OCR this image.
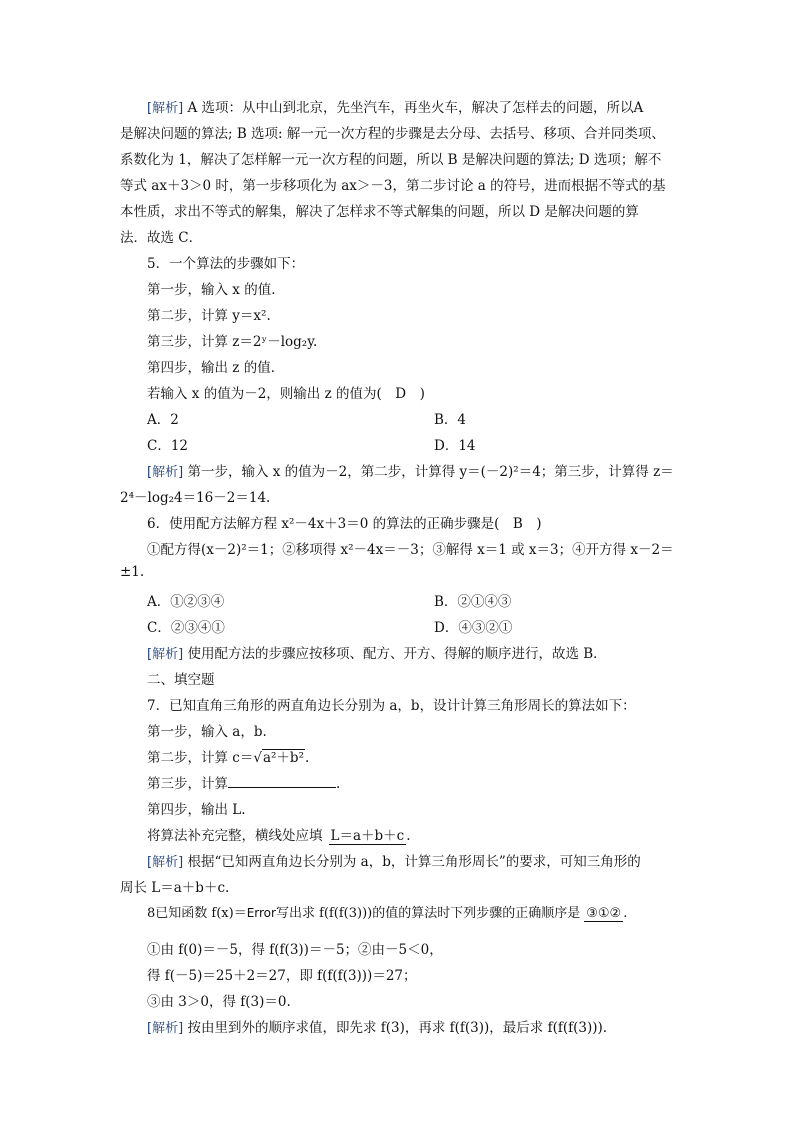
[解析] A 选项：从中山到北京，先坐汽车，再坐火车，解决了怎样去的问题，所以A
是解决问题的算法; B 选项: 解一元一次方程的步骤是去分母、去括号、移项、合并同类项、
系数化为 1，解决了怎样解一元一次方程的问题，所以 B 是解决问题的算法; D 选项；解不
等式 ax＋3＞0 时，第一步移项化为 ax＞－3，第二步讨论 a 的符号，进而根据不等式的基
本性质，求出不等式的解集，解决了怎样求不等式解集的问题，所以 D 是解决问题的算
法．故选 C．
5．一个算法的步骤如下：
第一步，输入 x 的值．
第二步，计算 y＝x².
第三步，计算 z＝2ʸ－log₂y.
第四步，输出 z 的值．
若输入 x 的值为－2，则输出 z 的值为(　D　)
A．2	B．4
C．12	D．14
[解析] 第一步，输入 x 的值为－2，第二步，计算得 y＝(－2)²＝4；第三步，计算得 z＝
2⁴－log₂4＝16－2＝14.
6．使用配方法解方程 x²－4x＋3＝0 的算法的正确步骤是(　B　)
①配方得(x－2)²＝1；②移项得 x²－4x＝－3；③解得 x＝1 或 x＝3；④开方得 x－2＝
±1.
A．①②③④	B．②①④③
C．②③④①	D．④③②①
[解析] 使用配方法的步骤应按移项、配方、开方、得解的顺序进行，故选 B．
二、填空题
7．已知直角三角形的两直角边长分别为 a，b，设计计算三角形周长的算法如下：
第一步，输入 a，b.
第二步，计算 c＝√a²＋b².
第三步，计算	.
第四步，输出 L.
将算法补充完整，横线处应填 L＝a＋b＋c .
[解析] 根据“已知两直角边长分别为 a，b，计算三角形周长”的要求，可知三角形的
周长 L＝a＋b＋c.
8已知函数 f(x)＝Error写出求 f(f(f(3)))的值的算法时下列步骤的正确顺序是 ③①② .
①由 f(0)＝－5，得 f(f(3))＝－5；②由－5＜0，
得 f(－5)＝25＋2＝27，即 f(f(f(3)))＝27；
③由 3＞0，得 f(3)＝0.
[解析] 按由里到外的顺序求值，即先求 f(3)，再求 f(f(3))，最后求 f(f(f(3))).
